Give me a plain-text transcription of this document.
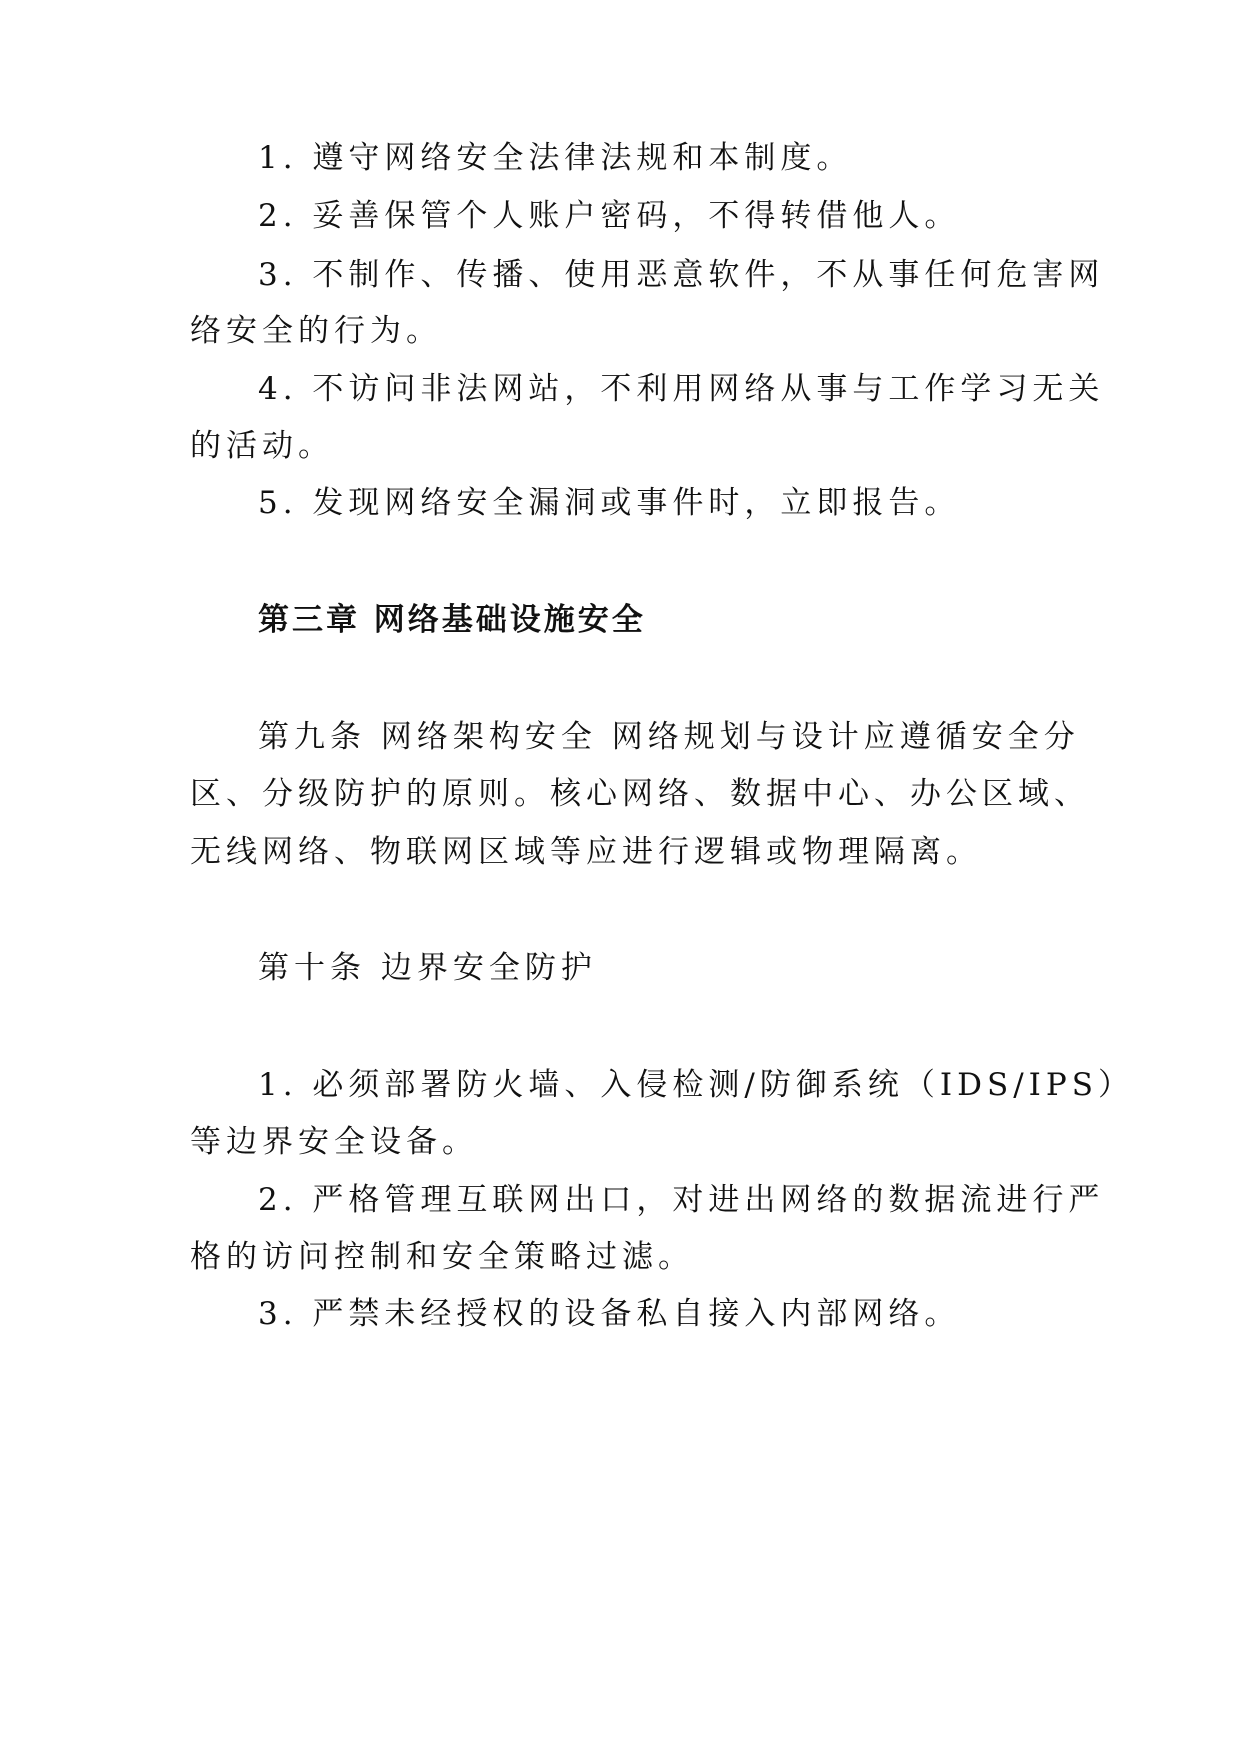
1. 遵守网络安全法律法规和本制度。
2. 妥善保管个人账户密码，不得转借他人。
3. 不制作、传播、使用恶意软件，不从事任何危害网
络安全的行为。
4. 不访问非法网站，不利用网络从事与工作学习无关
的活动。
5. 发现网络安全漏洞或事件时，立即报告。
第三章 网络基础设施安全
第九条 网络架构安全 网络规划与设计应遵循安全分
区、分级防护的原则。核心网络、数据中心、办公区域、
无线网络、物联网区域等应进行逻辑或物理隔离。
第十条 边界安全防护
1. 必须部署防火墙、入侵检测/防御系统（IDS/IPS）
等边界安全设备。
2. 严格管理互联网出口，对进出网络的数据流进行严
格的访问控制和安全策略过滤。
3. 严禁未经授权的设备私自接入内部网络。
